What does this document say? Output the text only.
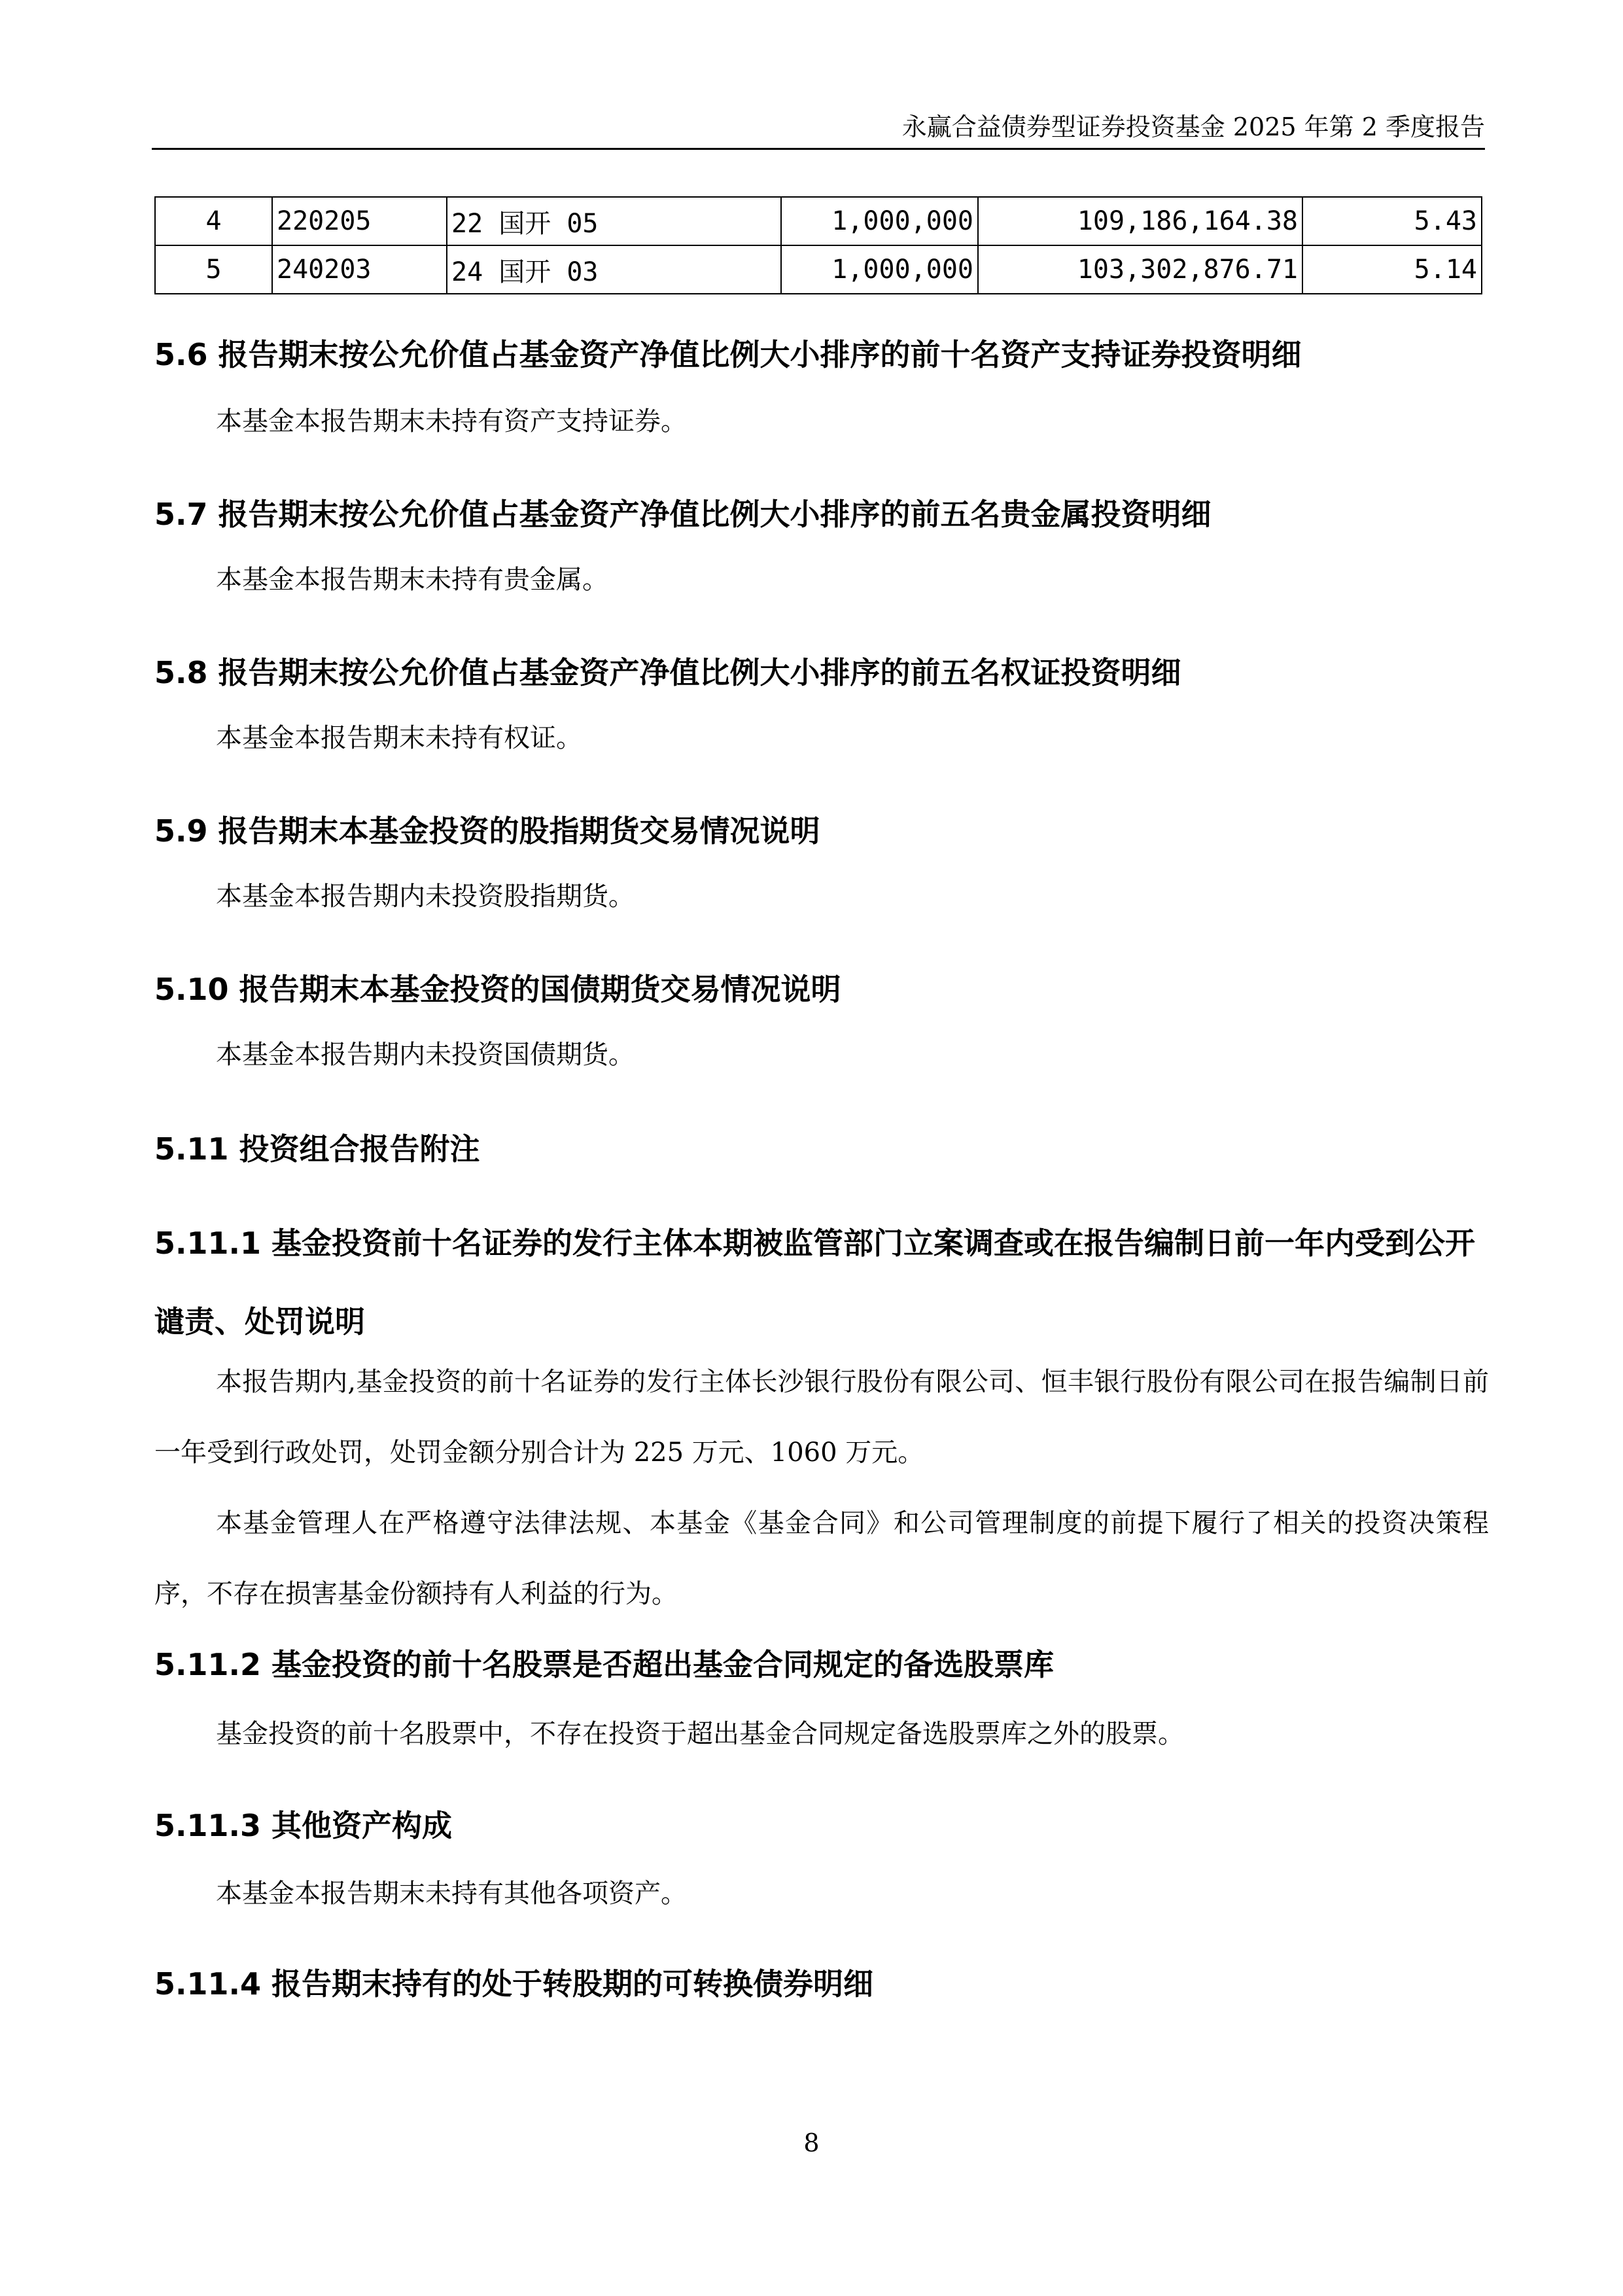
永赢合益债券型证券投资基金 2025 年第 2 季度报告
4	220205	22 国开 05	1,000,000	109,186,164.38	5.43
5	240203	24 国开 03	1,000,000	103,302,876.71	5.14
5.6 报告期末按公允价值占基金资产净值比例大小排序的前十名资产支持证券投资明细

本基金本报告期末未持有资产支持证券。

5.7 报告期末按公允价值占基金资产净值比例大小排序的前五名贵金属投资明细

本基金本报告期末未持有贵金属。

5.8 报告期末按公允价值占基金资产净值比例大小排序的前五名权证投资明细

本基金本报告期末未持有权证。

5.9 报告期末本基金投资的股指期货交易情况说明

本基金本报告期内未投资股指期货。

5.10 报告期末本基金投资的国债期货交易情况说明

本基金本报告期内未投资国债期货。

5.11 投资组合报告附注
5.11.1 基金投资前十名证券的发行主体本期被监管部门立案调查或在报告编制日前一年内受到公开谴责、处罚说明

本报告期内,基金投资的前十名证券的发行主体长沙银行股份有限公司、恒丰银行股份有限公司在报告编制日前一年受到行政处罚，处罚金额分别合计为 225 万元、1060 万元。

本基金管理人在严格遵守法律法规、本基金《基金合同》和公司管理制度的前提下履行了相关的投资决策程序，不存在损害基金份额持有人利益的行为。

5.11.2 基金投资的前十名股票是否超出基金合同规定的备选股票库

基金投资的前十名股票中，不存在投资于超出基金合同规定备选股票库之外的股票。

5.11.3 其他资产构成

本基金本报告期末未持有其他各项资产。

5.11.4 报告期末持有的处于转股期的可转换债券明细
8
